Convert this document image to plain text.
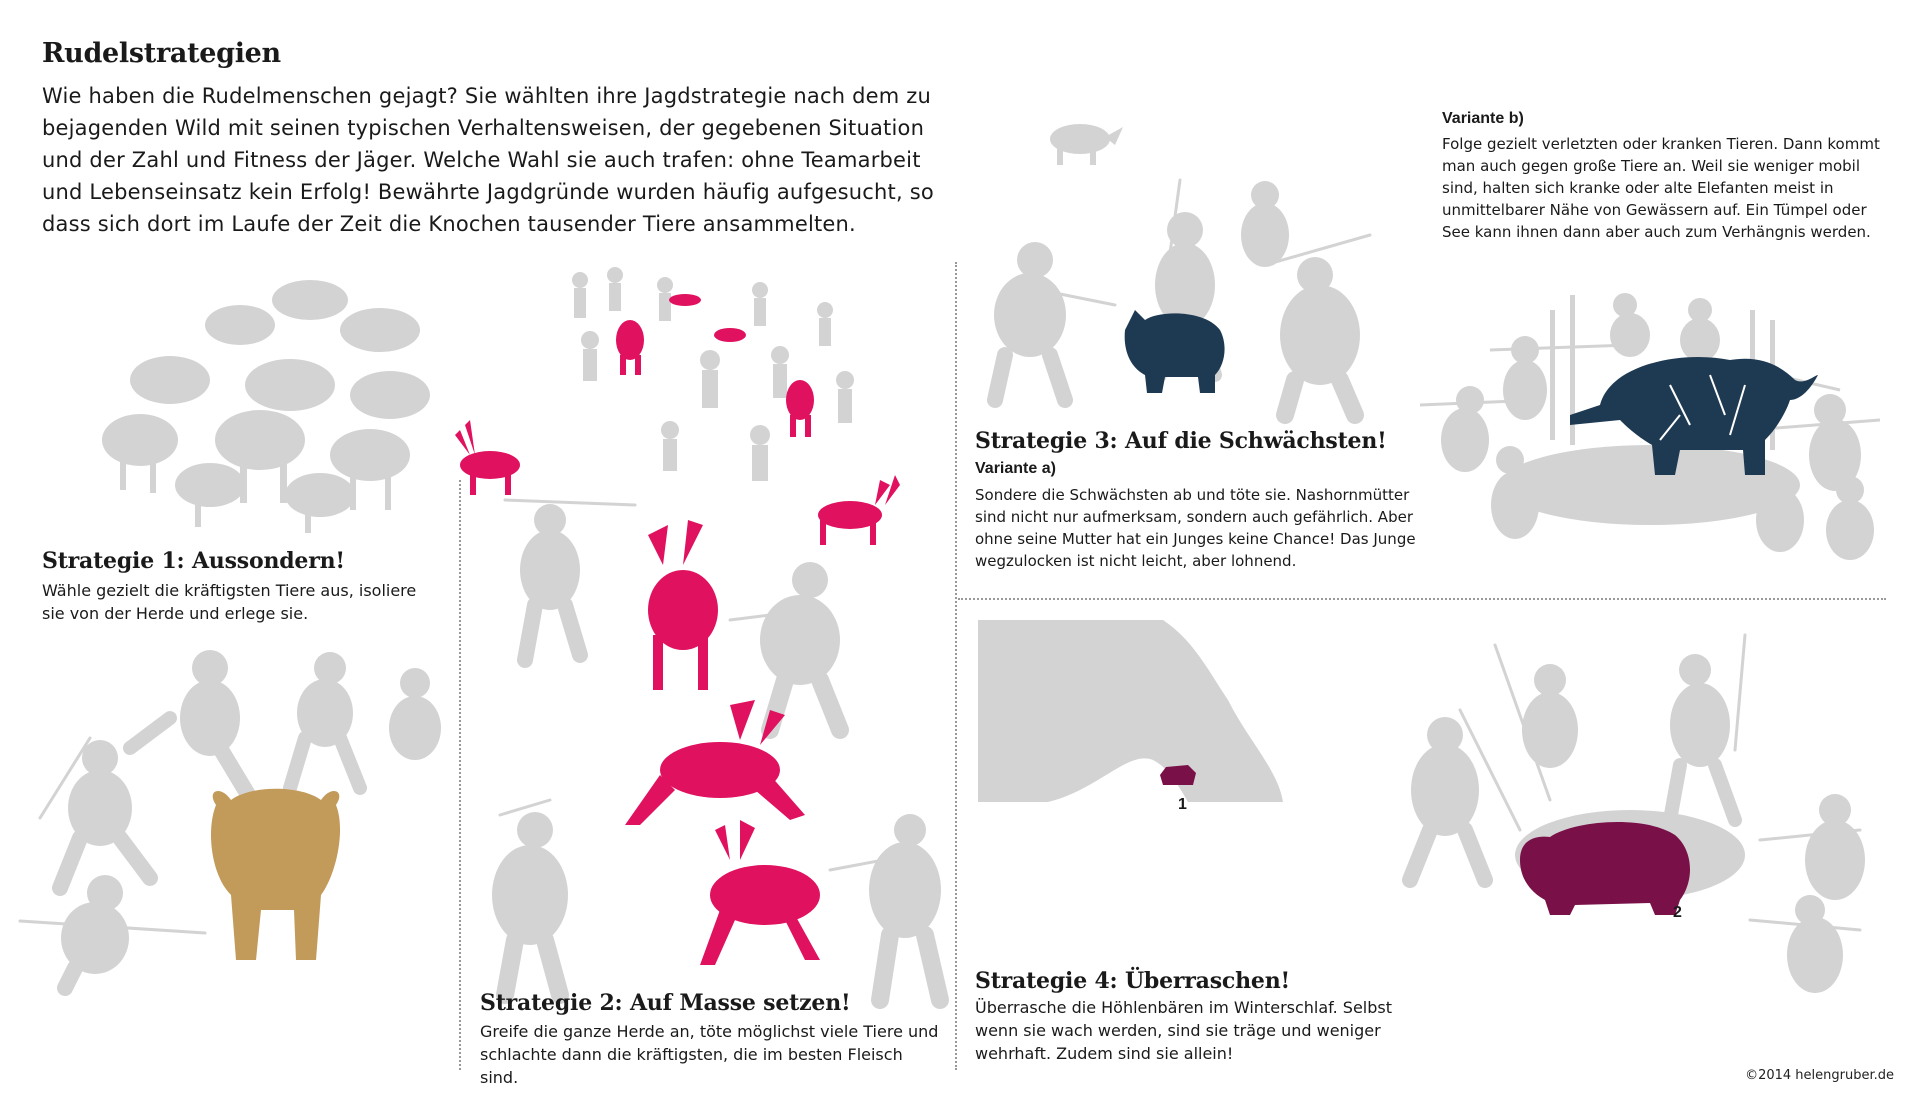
Rudelstrategien
Wie haben die Rudelmenschen gejagt? Sie wählten ihre Jagdstrategie nach dem zu bejagenden Wild mit seinen typischen Verhaltensweisen, der gegebenen Situation und der Zahl und Fitness der Jäger. Welche Wahl sie auch trafen: ohne Teamarbeit und Lebenseinsatz kein Erfolg! Bewährte Jagdgründe wurden häufig aufgesucht, so dass sich dort im Laufe der Zeit die Knochen tausender Tiere ansammelten.
Strategie 1: Aussondern!
Wähle gezielt die kräftigsten Tiere aus, isoliere sie von der Herde und erlege sie.
Strategie 2: Auf Masse setzen!
Greife die ganze Herde an, töte möglichst viele Tiere und schlachte dann die kräftigsten, die im besten Fleisch sind.
Strategie 3: Auf die Schwächsten!
Variante a)
Sondere die Schwächsten ab und töte sie. Nashornmütter sind nicht nur aufmerksam, sondern auch gefährlich. Aber ohne seine Mutter hat ein Junges keine Chance! Das Junge wegzulocken ist nicht leicht, aber lohnend.
Variante b)
Folge gezielt verletzten oder kranken Tieren. Dann kommt man auch gegen große Tiere an. Weil sie weniger mobil sind, halten sich kranke oder alte Elefanten meist in unmittelbarer Nähe von Gewässern auf. Ein Tümpel oder See kann ihnen dann aber auch zum Verhängnis werden.
1
2
Strategie 4: Überraschen!
Überrasche die Höhlenbären im Winterschlaf. Selbst wenn sie wach werden, sind sie träge und weniger wehrhaft. Zudem sind sie allein!
©2014 helengruber.de
